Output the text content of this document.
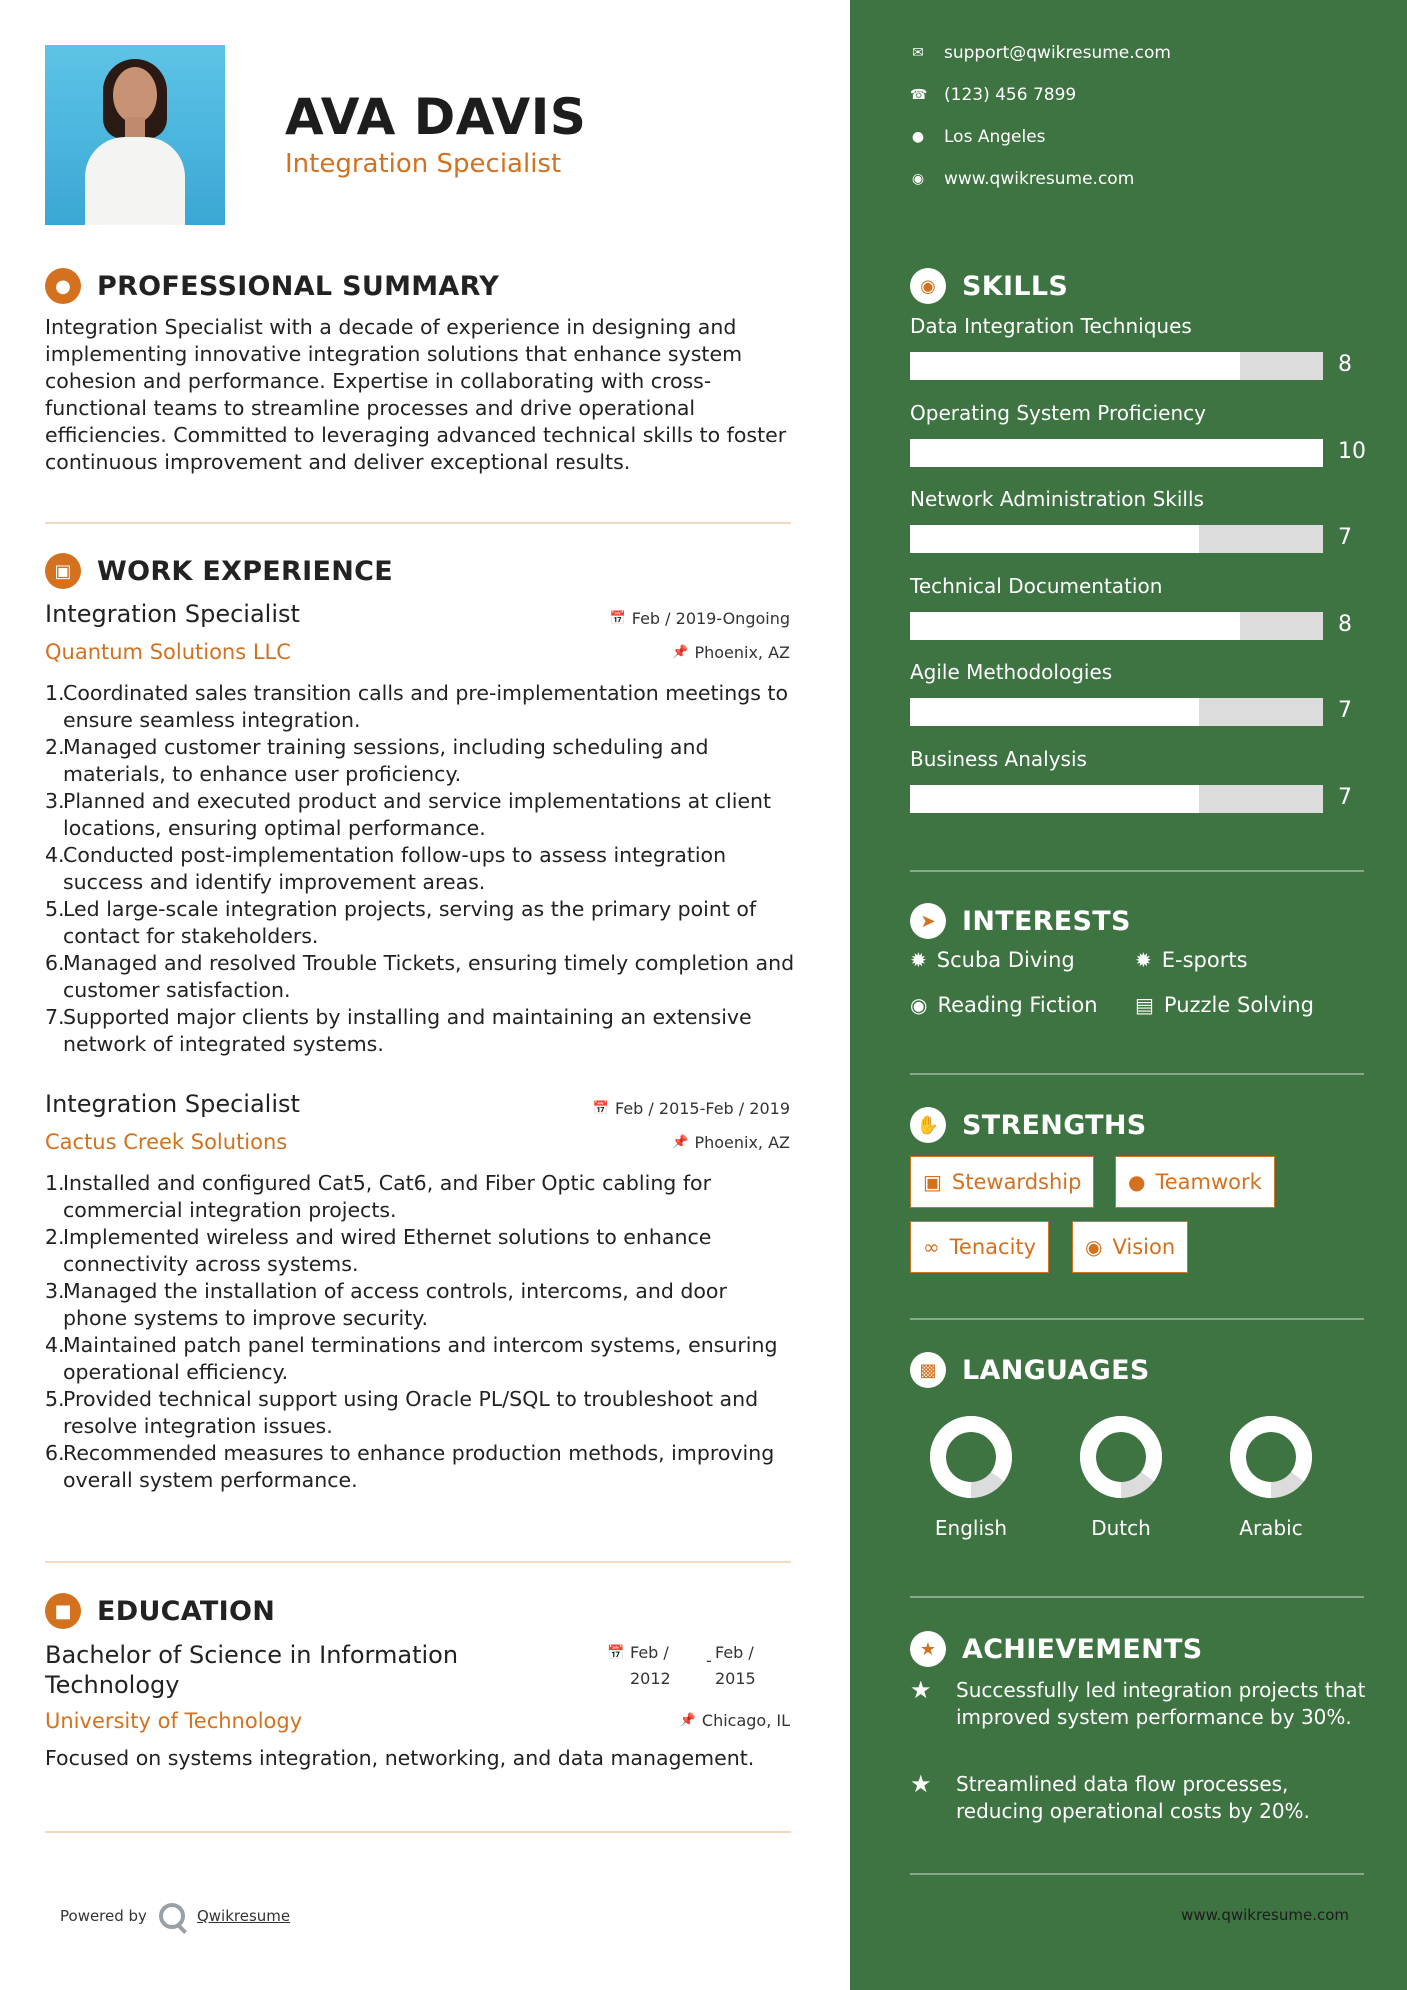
AVA DAVIS
Integration Specialist
● PROFESSIONAL SUMMARY
Integration Specialist with a decade of experience in designing and implementing innovative integration solutions that enhance system cohesion and performance. Expertise in collaborating with cross-functional teams to streamline processes and drive operational efficiencies. Committed to leveraging advanced technical skills to foster continuous improvement and deliver exceptional results.
▣ WORK EXPERIENCE
Integration Specialist	📅 Feb / 2019-Ongoing
Quantum Solutions LLC	📌 Phoenix, AZ
1.
Coordinated sales transition calls and pre-implementation meetings to ensure seamless integration.
2.
Managed customer training sessions, including scheduling and materials, to enhance user proficiency.
3.
Planned and executed product and service implementations at client locations, ensuring optimal performance.
4.
Conducted post-implementation follow-ups to assess integration success and identify improvement areas.
5.
Led large-scale integration projects, serving as the primary point of contact for stakeholders.
6.
Managed and resolved Trouble Tickets, ensuring timely completion and customer satisfaction.
7.
Supported major clients by installing and maintaining an extensive network of integrated systems.
Integration Specialist	📅 Feb / 2015-Feb / 2019
Cactus Creek Solutions	📌 Phoenix, AZ
1.
Installed and configured Cat5, Cat6, and Fiber Optic cabling for commercial integration projects.
2.
Implemented wireless and wired Ethernet solutions to enhance connectivity across systems.
3.
Managed the installation of access controls, intercoms, and door phone systems to improve security.
4.
Maintained patch panel terminations and intercom systems, ensuring operational efficiency.
5.
Provided technical support using Oracle PL/SQL to troubleshoot and resolve integration issues.
6.
Recommended measures to enhance production methods, improving overall system performance.
■ EDUCATION
Bachelor of Science in Information Technology
📅 Feb /
2012
- Feb /
2015
University of Technology	📌 Chicago, IL
Focused on systems integration, networking, and data management.
Powered by	Qwikresume
✉ support@qwikresume.com
☎ (123) 456 7899
● Los Angeles
◉ www.qwikresume.com
◉ SKILLS
Data Integration Techniques
8
Operating System Proficiency
10
Network Administration Skills
7
Technical Documentation
8
Agile Methodologies
7
Business Analysis
7
➤ INTERESTS
✹ Scuba Diving	✹ E-sports
◉ Reading Fiction ▤ Puzzle Solving
✋ STRENGTHS
▣ Stewardship ● Teamwork
∞ Tenacity ◉ Vision
▩ LANGUAGES
English	Dutch	Arabic
★ ACHIEVEMENTS
★	Successfully led integration projects that improved system performance by 30%.
★	Streamlined data flow processes, reducing operational costs by 20%.
www.qwikresume.com
